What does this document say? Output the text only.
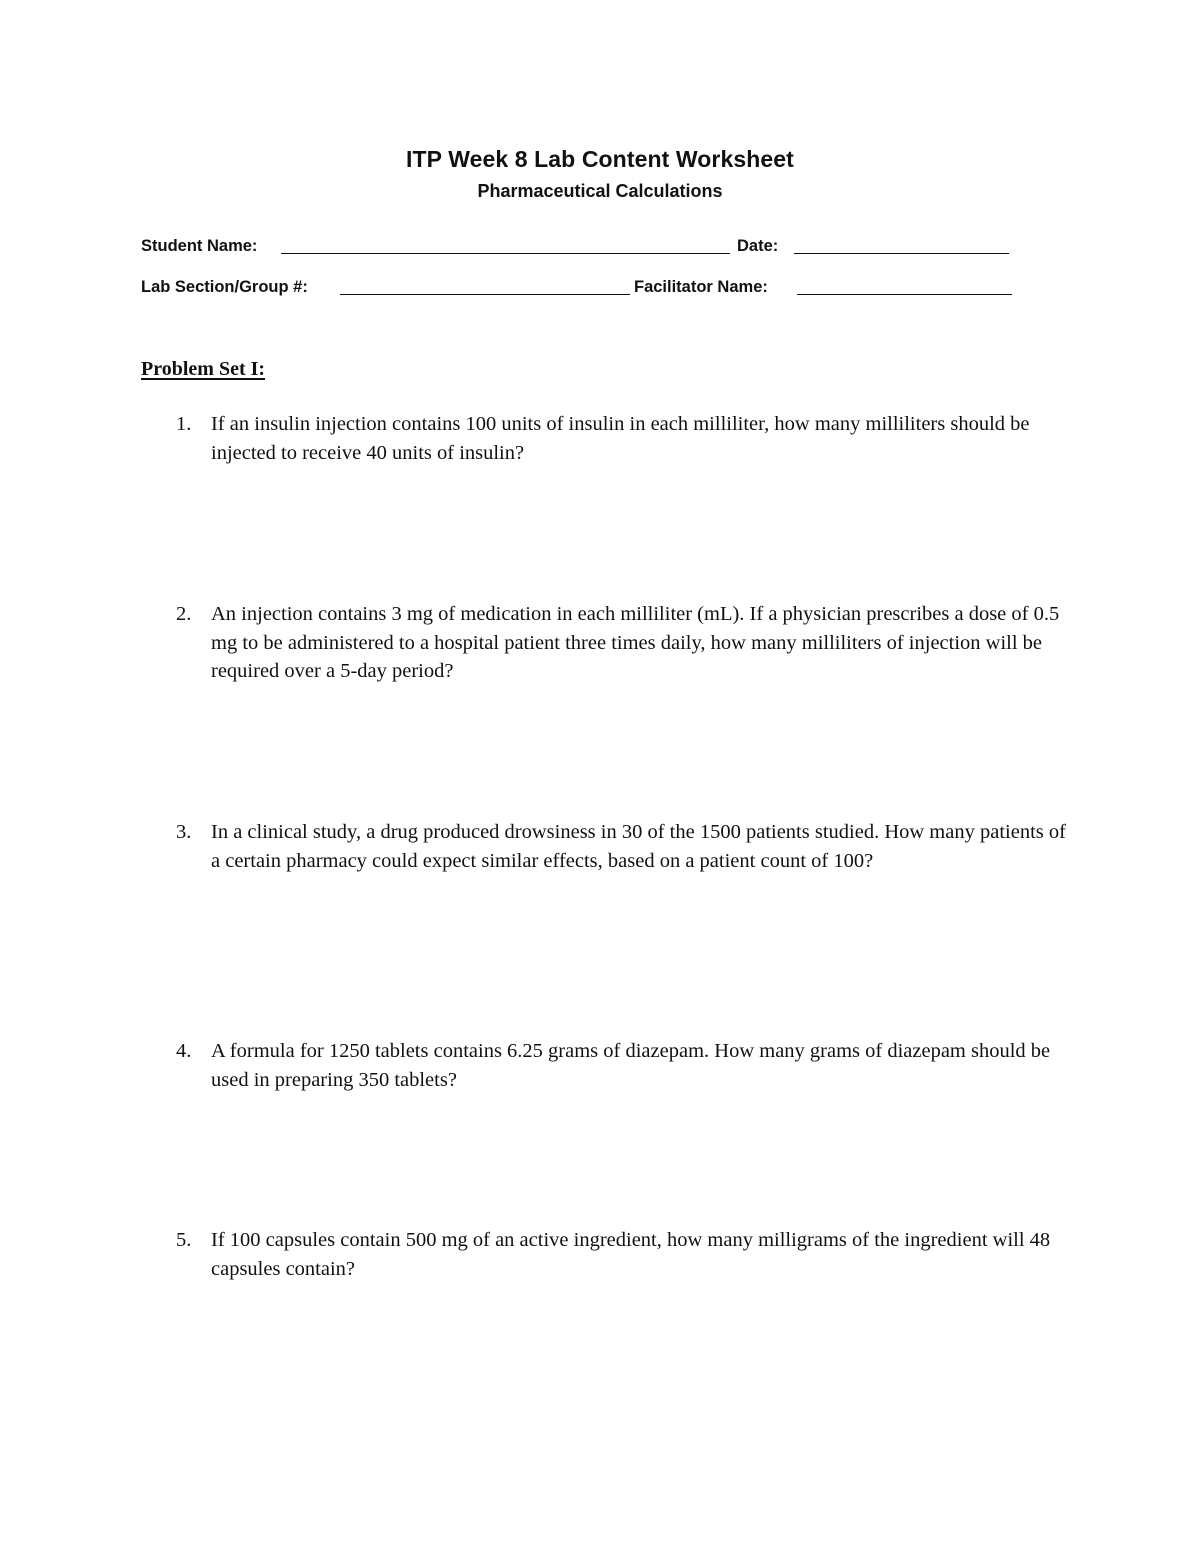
ITP Week 8 Lab Content Worksheet
Pharmaceutical Calculations
Student Name:	Date:
Lab Section/Group #:	Facilitator Name:
Problem Set I:
1. If an insulin injection contains 100 units of insulin in each milliliter, how many milliliters should be injected to receive 40 units of insulin?
2. An injection contains 3 mg of medication in each milliliter (mL). If a physician prescribes a dose of 0.5 mg to be administered to a hospital patient three times daily, how many milliliters of injection will be required over a 5-day period?
3. In a clinical study, a drug produced drowsiness in 30 of the 1500 patients studied. How many patients of a certain pharmacy could expect similar effects, based on a patient count of 100?
4. A formula for 1250 tablets contains 6.25 grams of diazepam. How many grams of diazepam should be used in preparing 350 tablets?
5. If 100 capsules contain 500 mg of an active ingredient, how many milligrams of the ingredient will 48 capsules contain?
